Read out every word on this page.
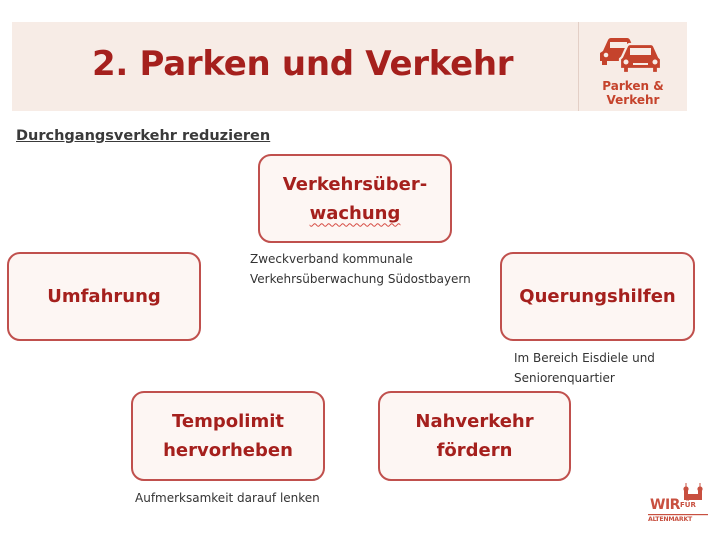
2. Parken und Verkehr
Parken &
Verkehr
Durchgangsverkehr reduzieren
Verkehrsüber-
wachung
Umfahrung	Querungshilfen
Tempolimit
hervorheben
Nahverkehr
fördern
Zweckverband kommunale
Verkehrsüberwachung Südostbayern
Im Bereich Eisdiele und
Seniorenquartier
Aufmerksamkeit darauf lenken	WIR FÜR
ALTENMARKT
